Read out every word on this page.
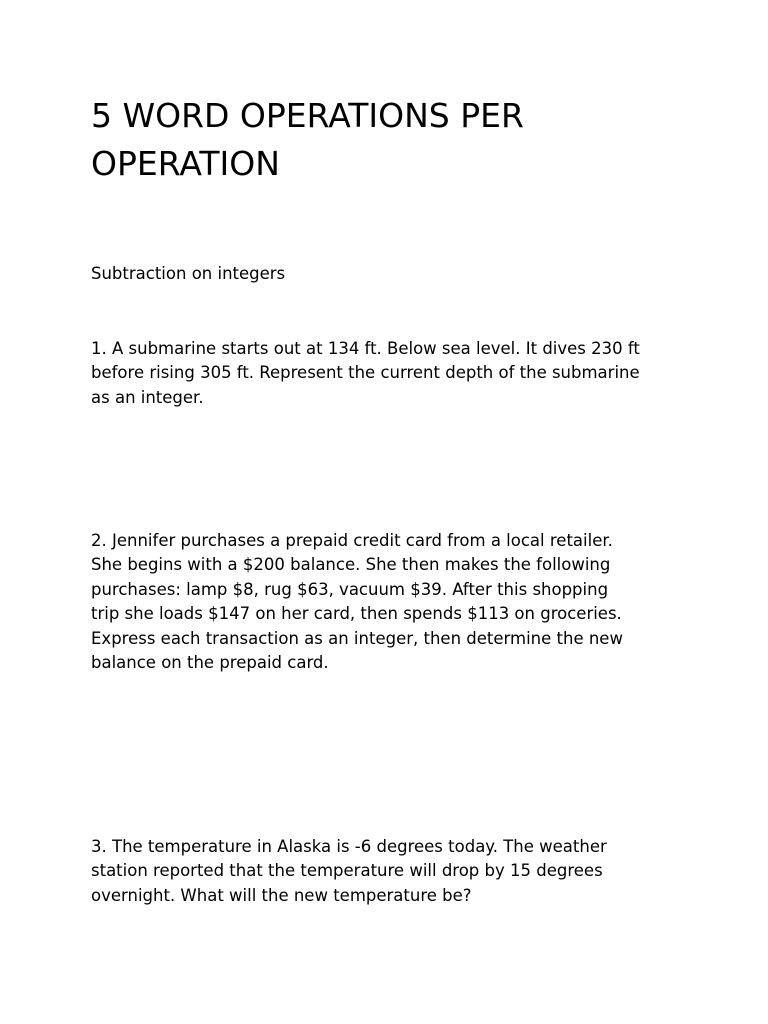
5 WORD OPERATIONS PER
OPERATION

Subtraction on integers

1. A submarine starts out at 134 ft. Below sea level. It dives 230 ft
before rising 305 ft. Represent the current depth of the submarine
as an integer.

2. Jennifer purchases a prepaid credit card from a local retailer.
She begins with a $200 balance. She then makes the following
purchases: lamp $8, rug $63, vacuum $39. After this shopping
trip she loads $147 on her card, then spends $113 on groceries.
Express each transaction as an integer, then determine the new
balance on the prepaid card.

3. The temperature in Alaska is -6 degrees today. The weather
station reported that the temperature will drop by 15 degrees
overnight. What will the new temperature be?
